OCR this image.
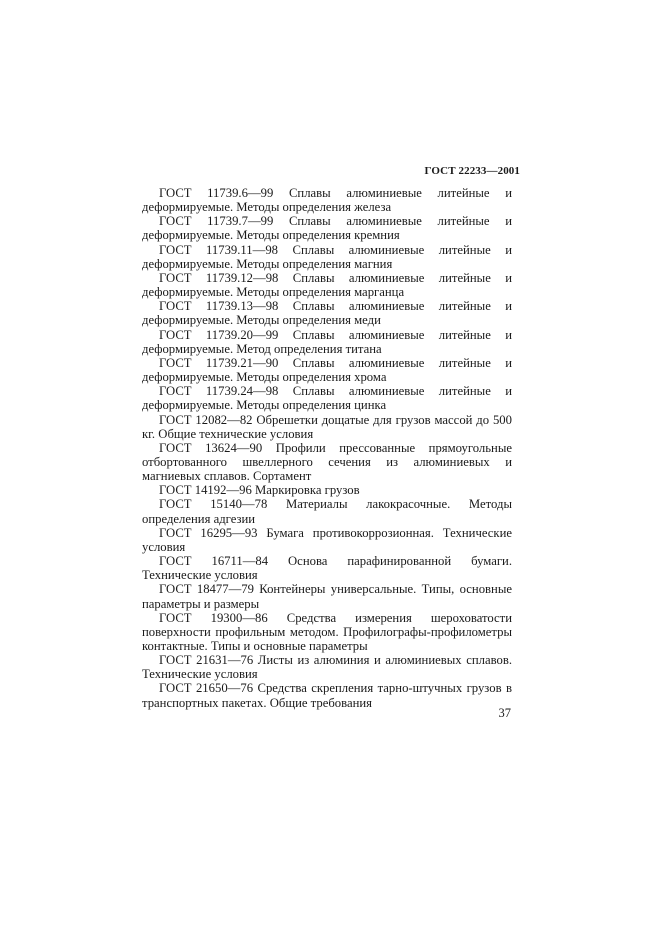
ГОСТ 22233—2001

ГОСТ 11739.6—99 Сплавы алюминиевые литейные и деформируемые. Методы определения железа

ГОСТ 11739.7—99 Сплавы алюминиевые литейные и деформируемые. Методы определения кремния

ГОСТ 11739.11—98 Сплавы алюминиевые литейные и деформируемые. Методы определения магния

ГОСТ 11739.12—98 Сплавы алюминиевые литейные и деформируемые. Методы определения марганца

ГОСТ 11739.13—98 Сплавы алюминиевые литейные и деформируемые. Методы определения меди

ГОСТ 11739.20—99 Сплавы алюминиевые литейные и деформируемые. Метод определения титана

ГОСТ 11739.21—90 Сплавы алюминиевые литейные и деформируемые. Методы определения хрома

ГОСТ 11739.24—98 Сплавы алюминиевые литейные и деформируемые. Методы определения цинка

ГОСТ 12082—82 Обрешетки дощатые для грузов массой до 500 кг. Общие технические условия

ГОСТ 13624—90 Профили прессованные прямоугольные отбортованного швеллерного сечения из алюминиевых и магниевых сплавов. Сортамент

ГОСТ 14192—96 Маркировка грузов

ГОСТ 15140—78 Материалы лакокрасочные. Методы определения адгезии

ГОСТ 16295—93 Бумага противокоррозионная. Технические условия

ГОСТ 16711—84 Основа парафинированной бумаги. Технические условия

ГОСТ 18477—79 Контейнеры универсальные. Типы, основные параметры и размеры

ГОСТ 19300—86 Средства измерения шероховатости поверхности профильным методом. Профилографы-профилометры контактные. Типы и основные параметры

ГОСТ 21631—76 Листы из алюминия и алюминиевых сплавов. Технические условия

ГОСТ 21650—76 Средства скрепления тарно-штучных грузов в транспортных пакетах. Общие требования

37
